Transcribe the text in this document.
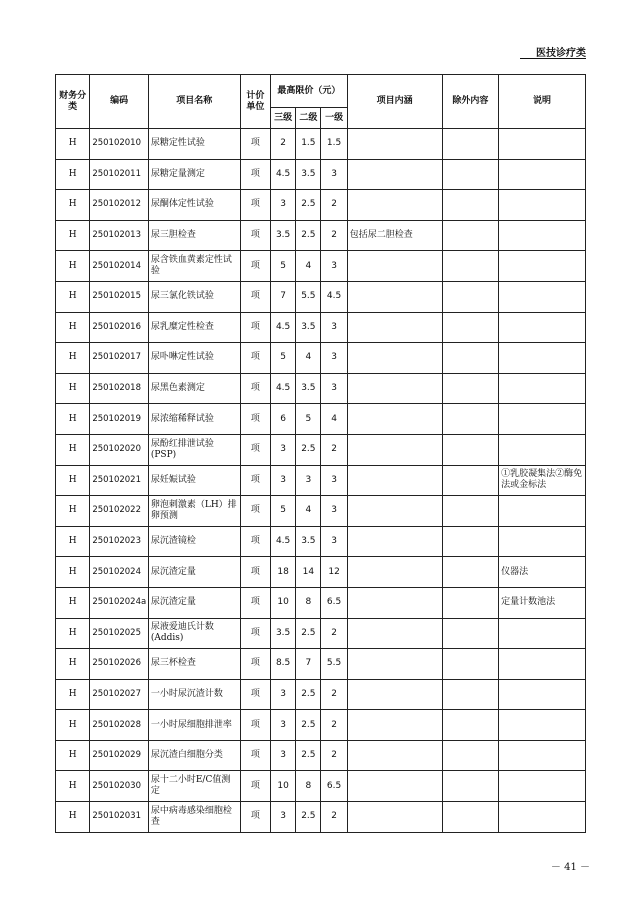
医技诊疗类
财务分类	编码	项目名称	计价单位	最高限价（元）			项目内涵	除外内容	说明
				三级	二级	一级			
H	250102010	尿糖定性试验	项	2	1.5	1.5			
H	250102011	尿糖定量测定	项	4.5	3.5	3			
H	250102012	尿酮体定性试验	项	3	2.5	2			
H	250102013	尿三胆检查	项	3.5	2.5	2	包括尿二胆检查		
H	250102014	尿含铁血黄素定性试验	项	5	4	3			
H	250102015	尿三氯化铁试验	项	7	5.5	4.5			
H	250102016	尿乳糜定性检查	项	4.5	3.5	3			
H	250102017	尿卟啉定性试验	项	5	4	3			
H	250102018	尿黑色素测定	项	4.5	3.5	3			
H	250102019	尿浓缩稀释试验	项	6	5	4			
H	250102020	尿酚红排泄试验(PSP)	项	3	2.5	2			
H	250102021	尿妊娠试验	项	3	3	3			①乳胶凝集法②酶免法或金标法
H	250102022	卵泡刺激素（LH）排卵预测	项	5	4	3			
H	250102023	尿沉渣镜检	项	4.5	3.5	3			
H	250102024	尿沉渣定量	项	18	14	12			仪器法
H	250102024a	尿沉渣定量	项	10	8	6.5			定量计数池法
H	250102025	尿液爱迪氏计数(Addis)	项	3.5	2.5	2			
H	250102026	尿三杯检查	项	8.5	7	5.5			
H	250102027	一小时尿沉渣计数	项	3	2.5	2			
H	250102028	一小时尿细胞排泄率	项	3	2.5	2			
H	250102029	尿沉渣白细胞分类	项	3	2.5	2			
H	250102030	尿十二小时E/C值测定	项	10	8	6.5			
H	250102031	尿中病毒感染细胞检查	项	3	2.5	2			
－ 41 －
